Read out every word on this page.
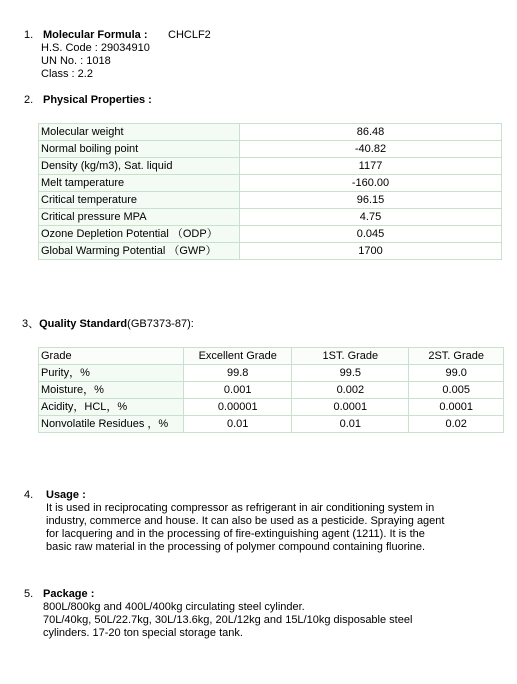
1. Molecular Formula : CHCLF2
H.S. Code : 29034910
UN No. : 1018
Class : 2.2
2. Physical Properties :
Molecular weight	86.48
Normal boiling point	-40.82
Density (kg/m3), Sat. liquid	1177
Melt tamperature	-160.00
Critical temperature	96.15
Critical pressure MPA	4.75
Ozone Depletion Potential （ODP）	0.045
Global Warming Potential （GWP）	1700
3、Quality Standard(GB7373-87):
Grade	Excellent Grade	1ST. Grade	2ST. Grade
Purity，%	99.8	99.5	99.0
Moisture，%	0.001	0.002	0.005
Acidity，HCL，%	0.00001	0.0001	0.0001
Nonvolatile Residues ，%	0.01	0.01	0.02
4. Usage :
It is used in reciprocating compressor as refrigerant in air conditioning system in
industry, commerce and house. It can also be used as a pesticide. Spraying agent
for lacquering and in the processing of fire-extinguishing agent (1211). It is the
basic raw material in the processing of polymer compound containing fluorine.
5. Package :
800L/800kg and 400L/400kg circulating steel cylinder.
70L/40kg, 50L/22.7kg, 30L/13.6kg, 20L/12kg and 15L/10kg disposable steel
cylinders. 17-20 ton special storage tank.
